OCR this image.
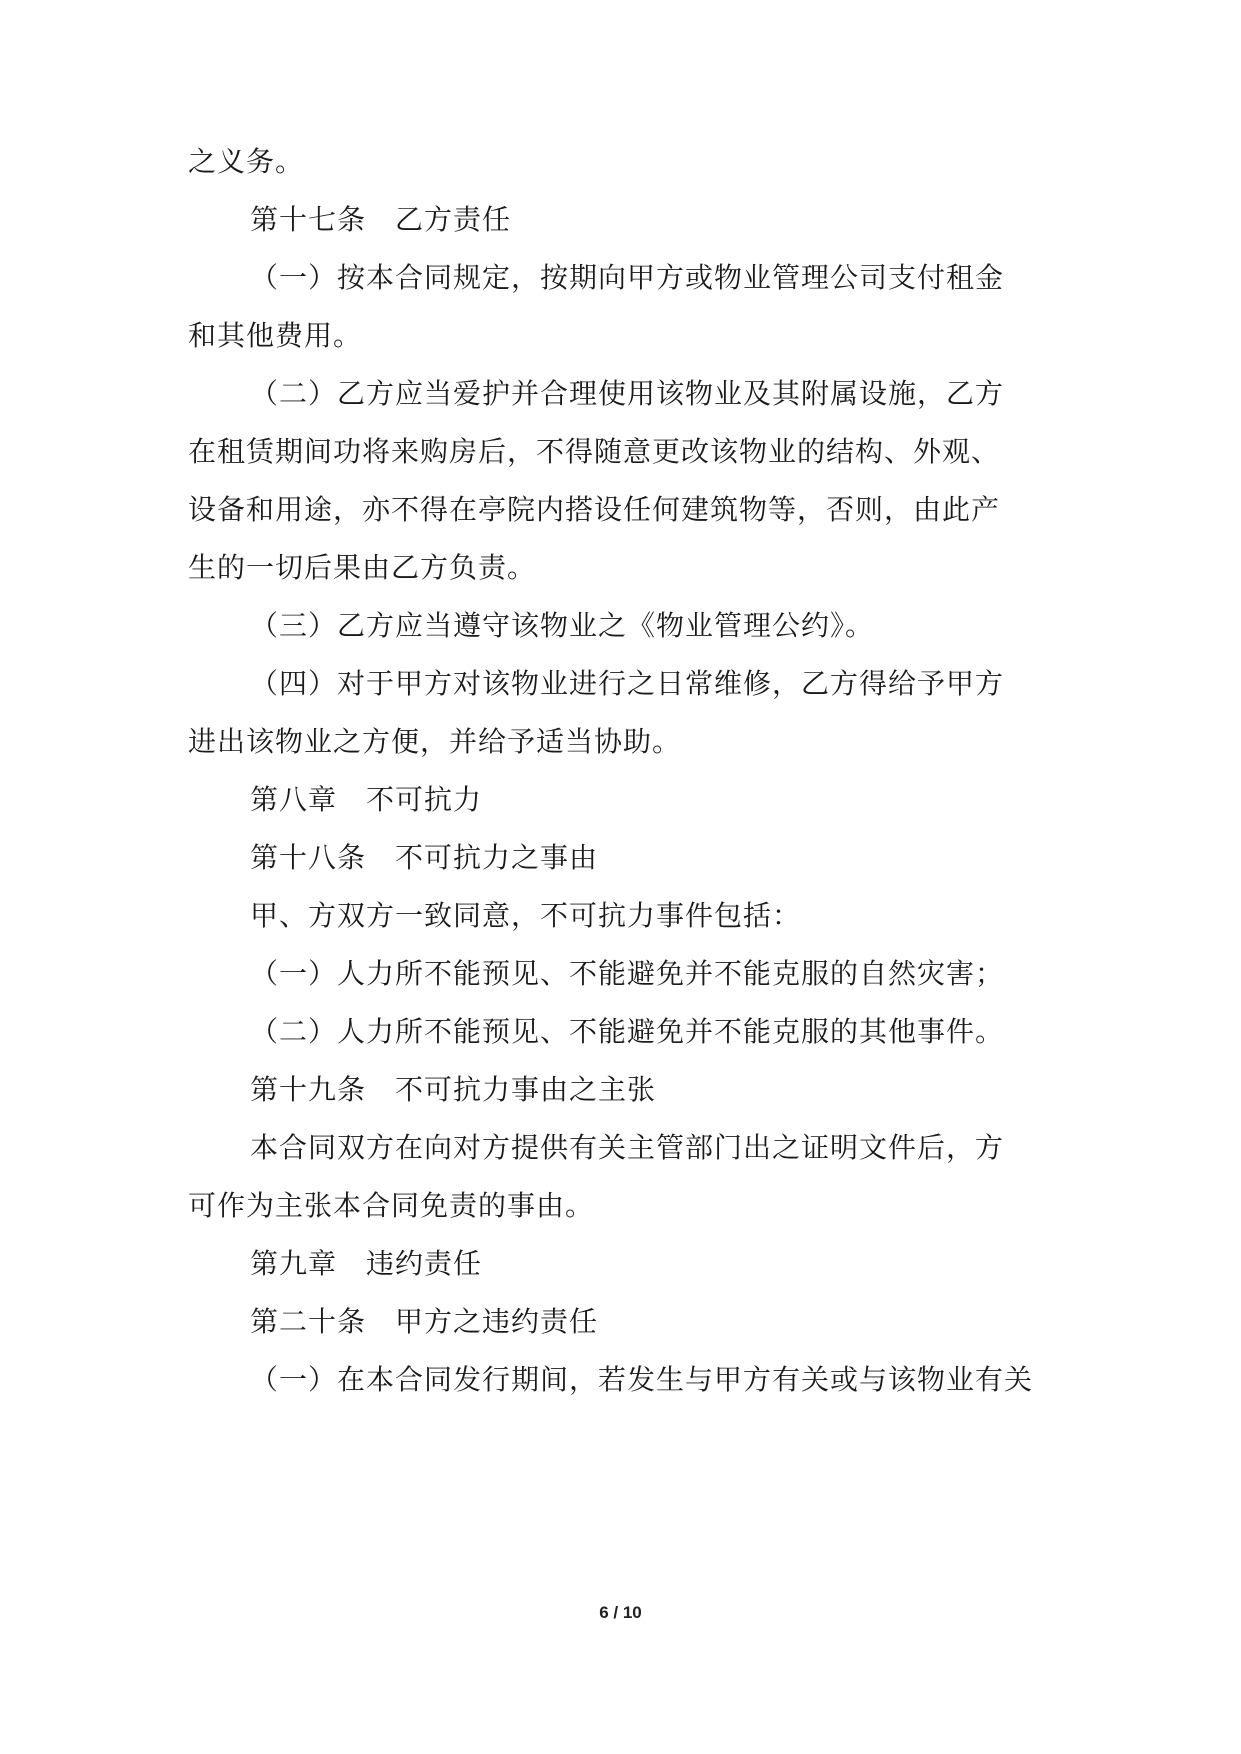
之义务。
第十七条　乙方责任
（一）按本合同规定，按期向甲方或物业管理公司支付租金
和其他费用。
（二）乙方应当爱护并合理使用该物业及其附属设施，乙方
在租赁期间功将来购房后，不得随意更改该物业的结构、外观、
设备和用途，亦不得在亭院内搭设任何建筑物等，否则，由此产
生的一切后果由乙方负责。
（三）乙方应当遵守该物业之《物业管理公约》。
（四）对于甲方对该物业进行之日常维修，乙方得给予甲方
进出该物业之方便，并给予适当协助。
第八章　不可抗力
第十八条　不可抗力之事由
甲、方双方一致同意，不可抗力事件包括：
（一）人力所不能预见、不能避免并不能克服的自然灾害；
（二）人力所不能预见、不能避免并不能克服的其他事件。
第十九条　不可抗力事由之主张
本合同双方在向对方提供有关主管部门出之证明文件后，方
可作为主张本合同免责的事由。
第九章　违约责任
第二十条　甲方之违约责任
（一）在本合同发行期间，若发生与甲方有关或与该物业有关
6 / 10
